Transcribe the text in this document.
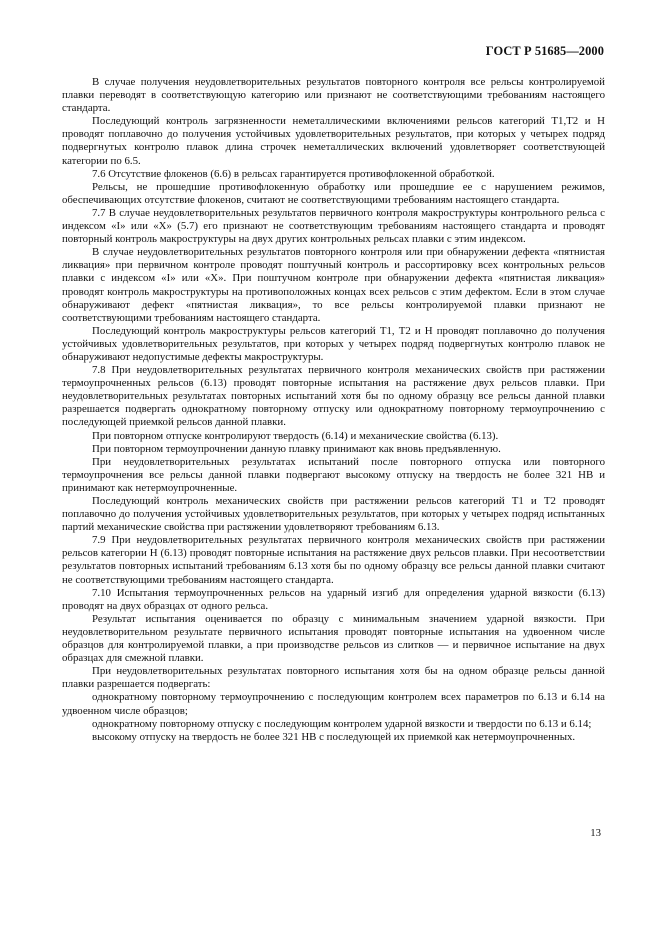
ГОСТ Р 51685—2000

В случае получения неудовлетворительных результатов повторного контроля все рельсы контролируемой плавки переводят в соответствующую категорию или признают не соответствующими требованиям настоящего стандарта.

Последующий контроль загрязненности неметаллическими включениями рельсов категорий Т1,Т2 и Н проводят поплавочно до получения устойчивых удовлетворительных результатов, при которых у четырех подряд подвергнутых контролю плавок длина строчек неметаллических включений удовлетворяет соответствующей категории по 6.5.

7.6 Отсутствие флокенов (6.6) в рельсах гарантируется противофлокенной обработкой.

Рельсы, не прошедшие противофлокенную обработку или прошедшие ее с нарушением режимов, обеспечивающих отсутствие флокенов, считают не соответствующими требованиям настоящего стандарта.

7.7 В случае неудовлетворительных результатов первичного контроля макроструктуры контрольного рельса с индексом «I» или «Х» (5.7) его признают не соответствующим требованиям настоящего стандарта и проводят повторный контроль макроструктуры на двух других контрольных рельсах плавки с этим индексом.

В случае неудовлетворительных результатов повторного контроля или при обнаружении дефекта «пятнистая ликвация» при первичном контроле проводят поштучный контроль и рассортировку всех контрольных рельсов плавки с индексом «I» или «Х». При поштучном контроле при обнаружении дефекта «пятнистая ликвация» проводят контроль макроструктуры на противоположных концах всех рельсов с этим дефектом. Если в этом случае обнаруживают дефект «пятнистая ликвация», то все рельсы контролируемой плавки признают не соответствующими требованиям настоящего стандарта.

Последующий контроль макроструктуры рельсов категорий Т1, Т2 и Н проводят поплавочно до получения устойчивых удовлетворительных результатов, при которых у четырех подряд подвергнутых контролю плавок не обнаруживают недопустимые дефекты макроструктуры.

7.8 При неудовлетворительных результатах первичного контроля механических свойств при растяжении термоупрочненных рельсов (6.13) проводят повторные испытания на растяжение двух рельсов плавки. При неудовлетворительных результатах повторных испытаний хотя бы по одному образцу все рельсы данной плавки разрешается подвергать однократному повторному отпуску или однократному повторному термоупрочнению с последующей приемкой рельсов данной плавки.

При повторном отпуске контролируют твердость (6.14) и механические свойства (6.13).

При повторном термоупрочнении данную плавку принимают как вновь предъявленную.

При неудовлетворительных результатах испытаний после повторного отпуска или повторного термоупрочнения все рельсы данной плавки подвергают высокому отпуску на твердость не более 321 НВ и принимают как нетермоупрочненные.

Последующий контроль механических свойств при растяжении рельсов категорий Т1 и Т2 проводят поплавочно до получения устойчивых удовлетворительных результатов, при которых у четырех подряд испытанных партий механические свойства при растяжении удовлетворяют требованиям 6.13.

7.9 При неудовлетворительных результатах первичного контроля механических свойств при растяжении рельсов категории Н (6.13) проводят повторные испытания на растяжение двух рельсов плавки. При несоответствии результатов повторных испытаний требованиям 6.13 хотя бы по одному образцу все рельсы данной плавки считают не соответствующими требованиям настоящего стандарта.

7.10 Испытания термоупрочненных рельсов на ударный изгиб для определения ударной вязкости (6.13) проводят на двух образцах от одного рельса.

Результат испытания оценивается по образцу с минимальным значением ударной вязкости. При неудовлетворительном результате первичного испытания проводят повторные испытания на удвоенном числе образцов для контролируемой плавки, а при производстве рельсов из слитков — и первичное испытание на двух образцах для смежной плавки.

При неудовлетворительных результатах повторного испытания хотя бы на одном образце рельсы данной плавки разрешается подвергать:

однократному повторному термоупрочнению с последующим контролем всех параметров по 6.13 и 6.14 на удвоенном числе образцов;

однократному повторному отпуску с последующим контролем ударной вязкости и твердости по 6.13 и 6.14;

высокому отпуску на твердость не более 321 НВ с последующей их приемкой как нетермоупрочненных.

13
